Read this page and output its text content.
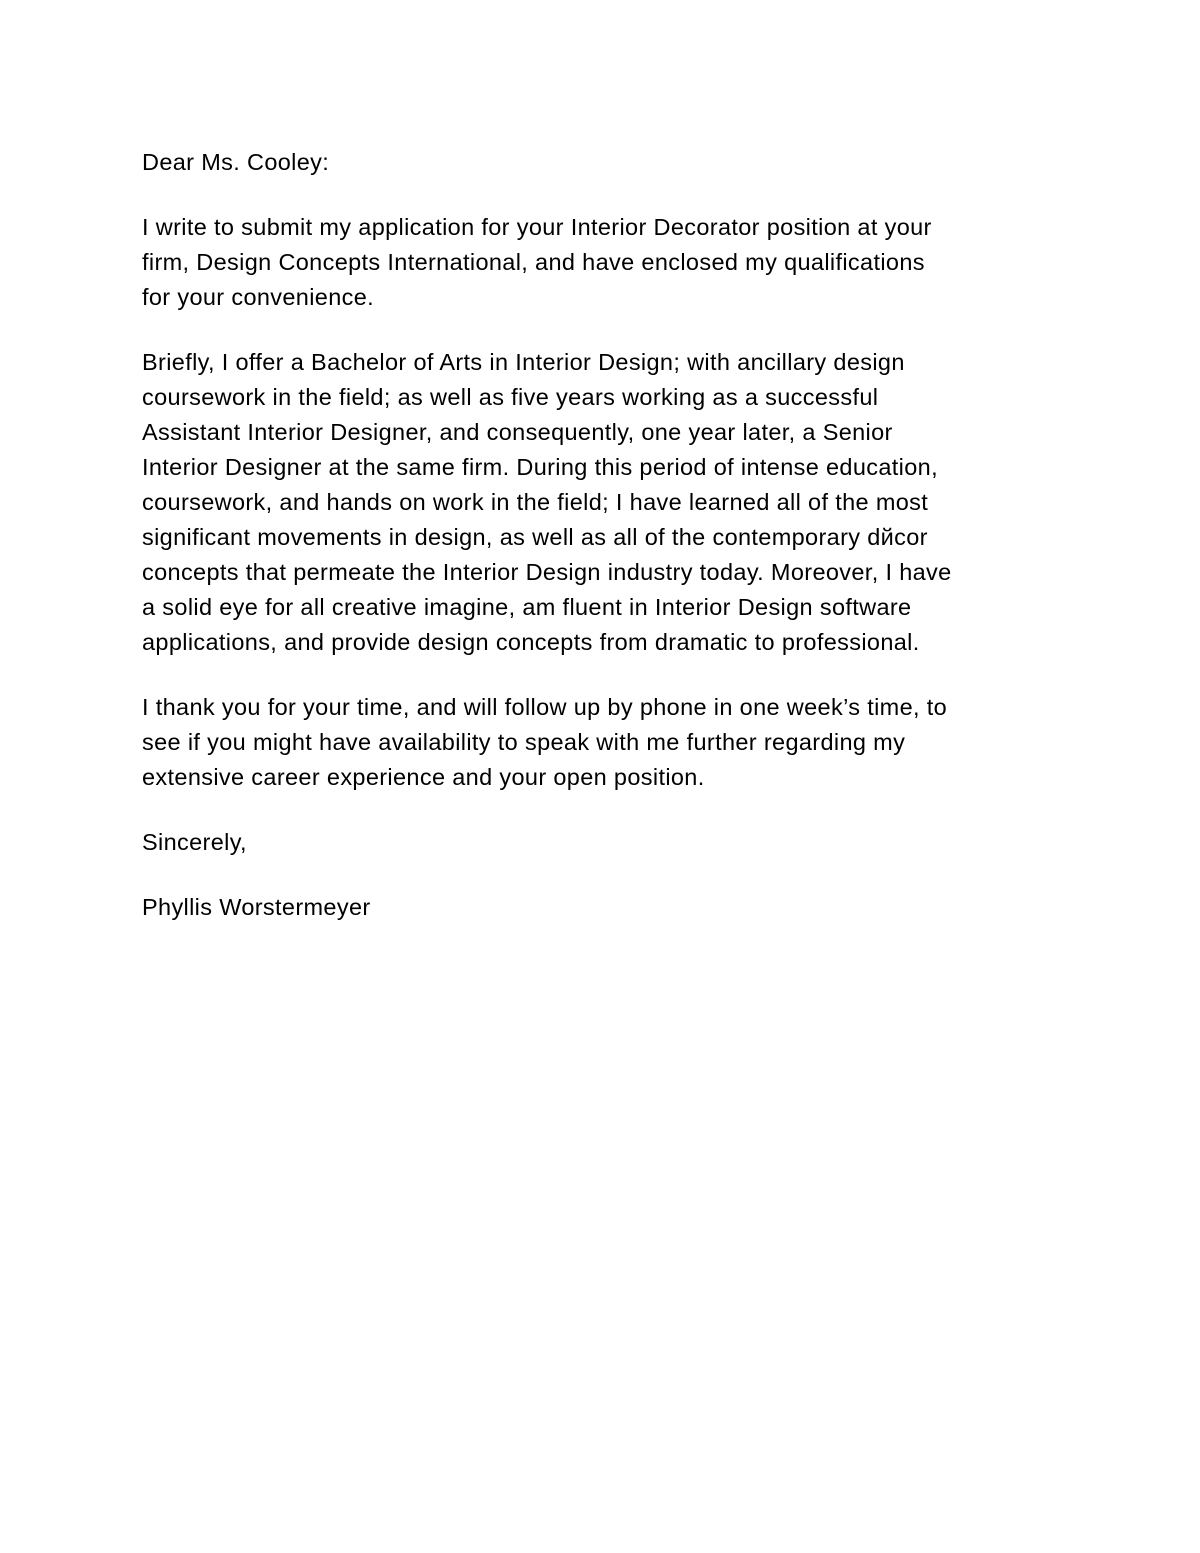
Dear Ms. Cooley:
I write to submit my application for your Interior Decorator position at your
firm, Design Concepts International, and have enclosed my qualifications
for your convenience.
Briefly, I offer a Bachelor of Arts in Interior Design; with ancillary design
coursework in the field; as well as five years working as a successful
Assistant Interior Designer, and consequently, one year later, a Senior
Interior Designer at the same firm. During this period of intense education,
coursework, and hands on work in the field; I have learned all of the most
significant movements in design, as well as all of the contemporary dйcor
concepts that permeate the Interior Design industry today. Moreover, I have
a solid eye for all creative imagine, am fluent in Interior Design software
applications, and provide design concepts from dramatic to professional.
I thank you for your time, and will follow up by phone in one week’s time, to
see if you might have availability to speak with me further regarding my
extensive career experience and your open position.
Sincerely,
Phyllis Worstermeyer
